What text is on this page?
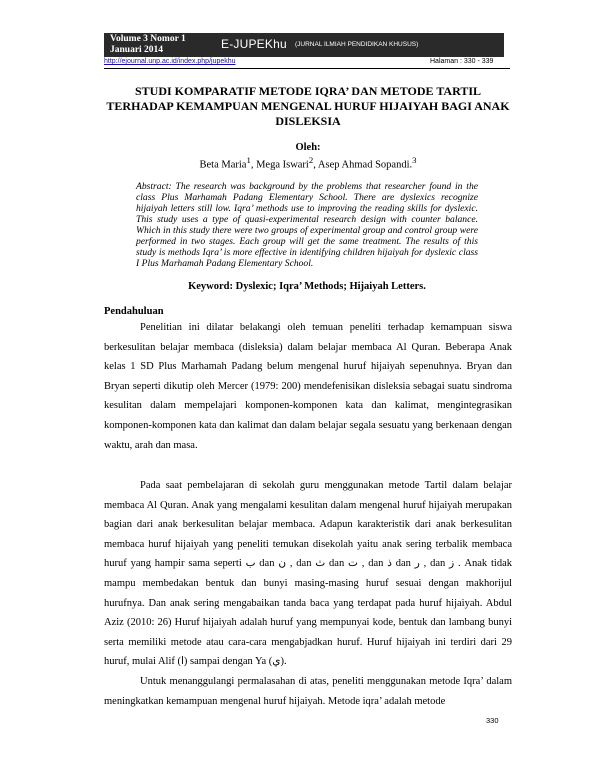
Volume 3 Nomor 1
Januari 2014	E-JUPEKhu (JURNAL ILMIAH PENDIDIKAN KHUSUS)
http://ejournal.unp.ac.id/index.php/jupekhu	Halaman : 330 - 339
STUDI KOMPARATIF METODE IQRA’ DAN METODE TARTIL TERHADAP KEMAMPUAN MENGENAL HURUF HIJAIYAH BAGI ANAK DISLEKSIA
Oleh:
Beta Maria$^1$, Mega Iswari$^2$, Asep Ahmad Sopandi.$^3$
Abstract: The research was background by the problems that researcher found in the class Plus Marhamah Padang Elementary School. There are dyslexics recognize hijaiyah letters still low. Iqra’ methods use to improving the reading skills for dyslexic. This study uses a type of quasi-experimental research design with counter balance. Which in this study there were two groups of experimental group and control group were performed in two stages. Each group will get the same treatment. The results of this study is methods Iqra’ is more effective in identifying children hijaiyah for dyslexic class I Plus Marhamah Padang Elementary School.
Keyword: Dyslexic; Iqra’ Methods; Hijaiyah Letters.
Pendahuluan

Penelitian ini dilatar belakangi oleh temuan peneliti terhadap kemampuan siswa berkesulitan belajar membaca (disleksia) dalam belajar membaca Al Quran. Beberapa Anak kelas 1 SD Plus Marhamah Padang belum mengenal huruf hijaiyah sepenuhnya. Bryan dan Bryan seperti dikutip oleh Mercer (1979: 200) mendefenisikan disleksia sebagai suatu sindroma kesulitan dalam mempelajari komponen-komponen kata dan kalimat, mengintegrasikan komponen-komponen kata dan kalimat dan dalam belajar segala sesuatu yang berkenaan dengan waktu, arah dan masa.

Pada saat pembelajaran di sekolah guru menggunakan metode Tartil dalam belajar membaca Al Quran. Anak yang mengalami kesulitan dalam mengenal huruf hijaiyah merupakan bagian dari anak berkesulitan belajar membaca. Adapun karakteristik dari anak berkesulitan membaca huruf hijaiyah yang peneliti temukan disekolah yaitu anak sering terbalik membaca huruf yang hampir sama seperti ب dan ن , dan ث dan ت , dan ذ dan ر , dan ز . Anak tidak mampu membedakan bentuk dan bunyi masing-masing huruf sesuai dengan makhorijul hurufnya. Dan anak sering mengabaikan tanda baca yang terdapat pada huruf hijaiyah. Abdul Aziz (2010: 26) Huruf hijaiyah adalah huruf yang mempunyai kode, bentuk dan lambang bunyi serta memiliki metode atau cara-cara mengabjadkan huruf. Huruf hijaiyah ini terdiri dari 29 huruf, mulai Alif (ا) sampai dengan Ya (ي).

Untuk menanggulangi permalasahan di atas, peneliti menggunakan metode Iqra’ dalam meningkatkan kemampuan mengenal huruf hijaiyah. Metode iqra’ adalah metode

330
